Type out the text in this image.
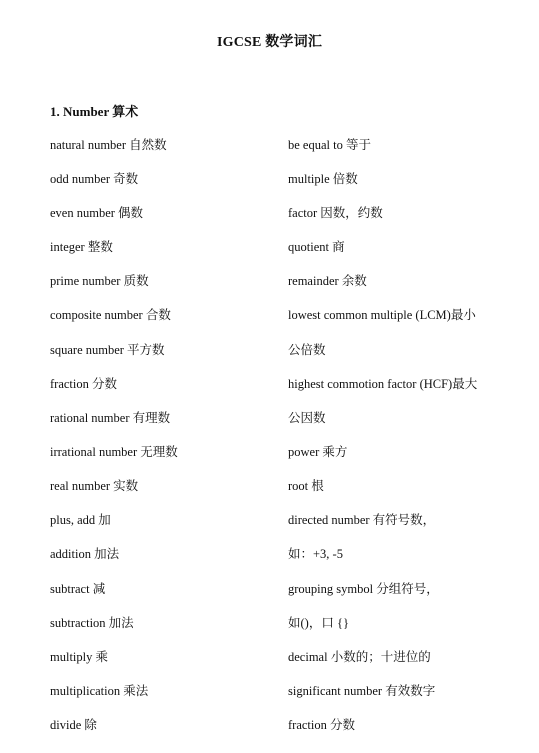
IGCSE 数学词汇
1. Number 算术
natural number 自然数
odd number 奇数
even number 偶数
integer 整数
prime number 质数
composite number 合数
square number 平方数
fraction 分数
rational number 有理数
irrational number 无理数
real number 实数
plus, add 加
addition 加法
subtract 减
subtraction 加法
multiply 乘
multiplication 乘法
divide 除
be equal to 等于
multiple 倍数
factor 因数，约数
quotient 商
remainder 余数
lowest common multiple (LCM)最小
公倍数
highest commotion factor (HCF)最大
公因数
power 乘方
root 根
directed number 有符号数，
如：+3, -5
grouping symbol 分组符号，
如()，口 {}
decimal 小数的；十进位的
significant number 有效数字
fraction 分数
